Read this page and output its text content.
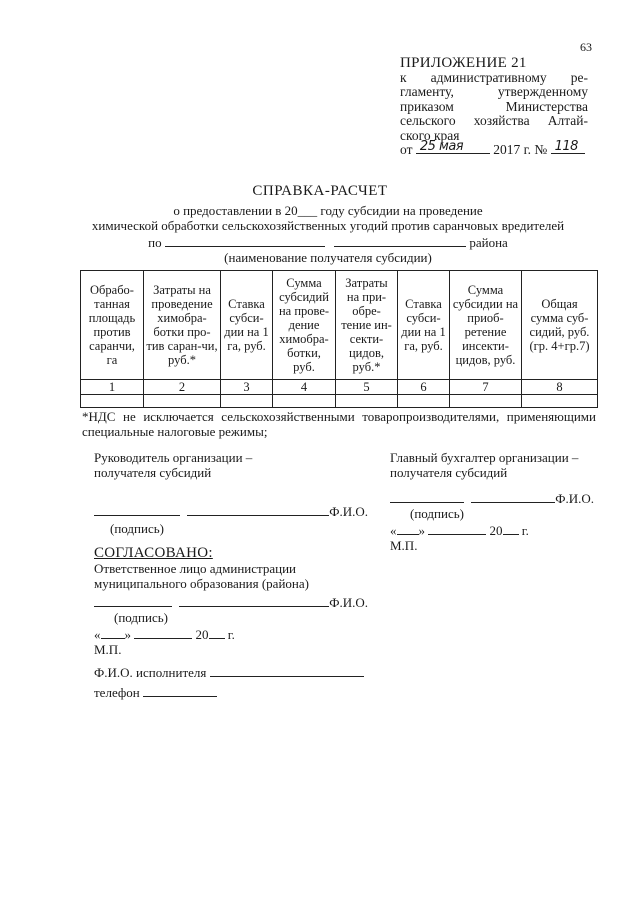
63
ПРИЛОЖЕНИЕ 21
к административному ре-
гламенту, утвержденному
приказом Министерства
сельского хозяйства Алтай-
ского края
от 25 мая 2017 г. № 118
СПРАВКА-РАСЧЕТ
о предоставлении в 20___ году субсидии на проведение
химической обработки сельскохозяйственных угодий против саранчовых вредителей
по	района
(наименование получателя субсидии)
Обрабо-танная площадь против саранчи, га	Затраты на проведение химобра-ботки про-тив саран-чи, руб.*	Ставка субси-дии на 1 га, руб.	Сумма субсидий на прове-дение химобра-ботки, руб.	Затраты на при-обре-тение ин-секти-цидов, руб.*	Ставка субси-дии на 1 га, руб.	Сумма субсидии на приоб-ретение инсекти-цидов, руб.	Общая сумма суб-сидий, руб. (гр. 4+гр.7)
1	2	3	4	5	6	7	8

*НДС не исключается сельскохозяйственными товаропроизводителями, применяющими специальные налоговые режимы;
Руководитель организации –
получателя субсидий
Ф.И.О.
(подпись)
Главный бухгалтер организации –
получателя субсидий
Ф.И.О.
(подпись)
« »	20 г.
М.П.
СОГЛАСОВАНО:
Ответственное лицо администрации
муниципального образования (района)
Ф.И.О.
(подпись)
« »	20 г.
М.П.
Ф.И.О. исполнителя
телефон
